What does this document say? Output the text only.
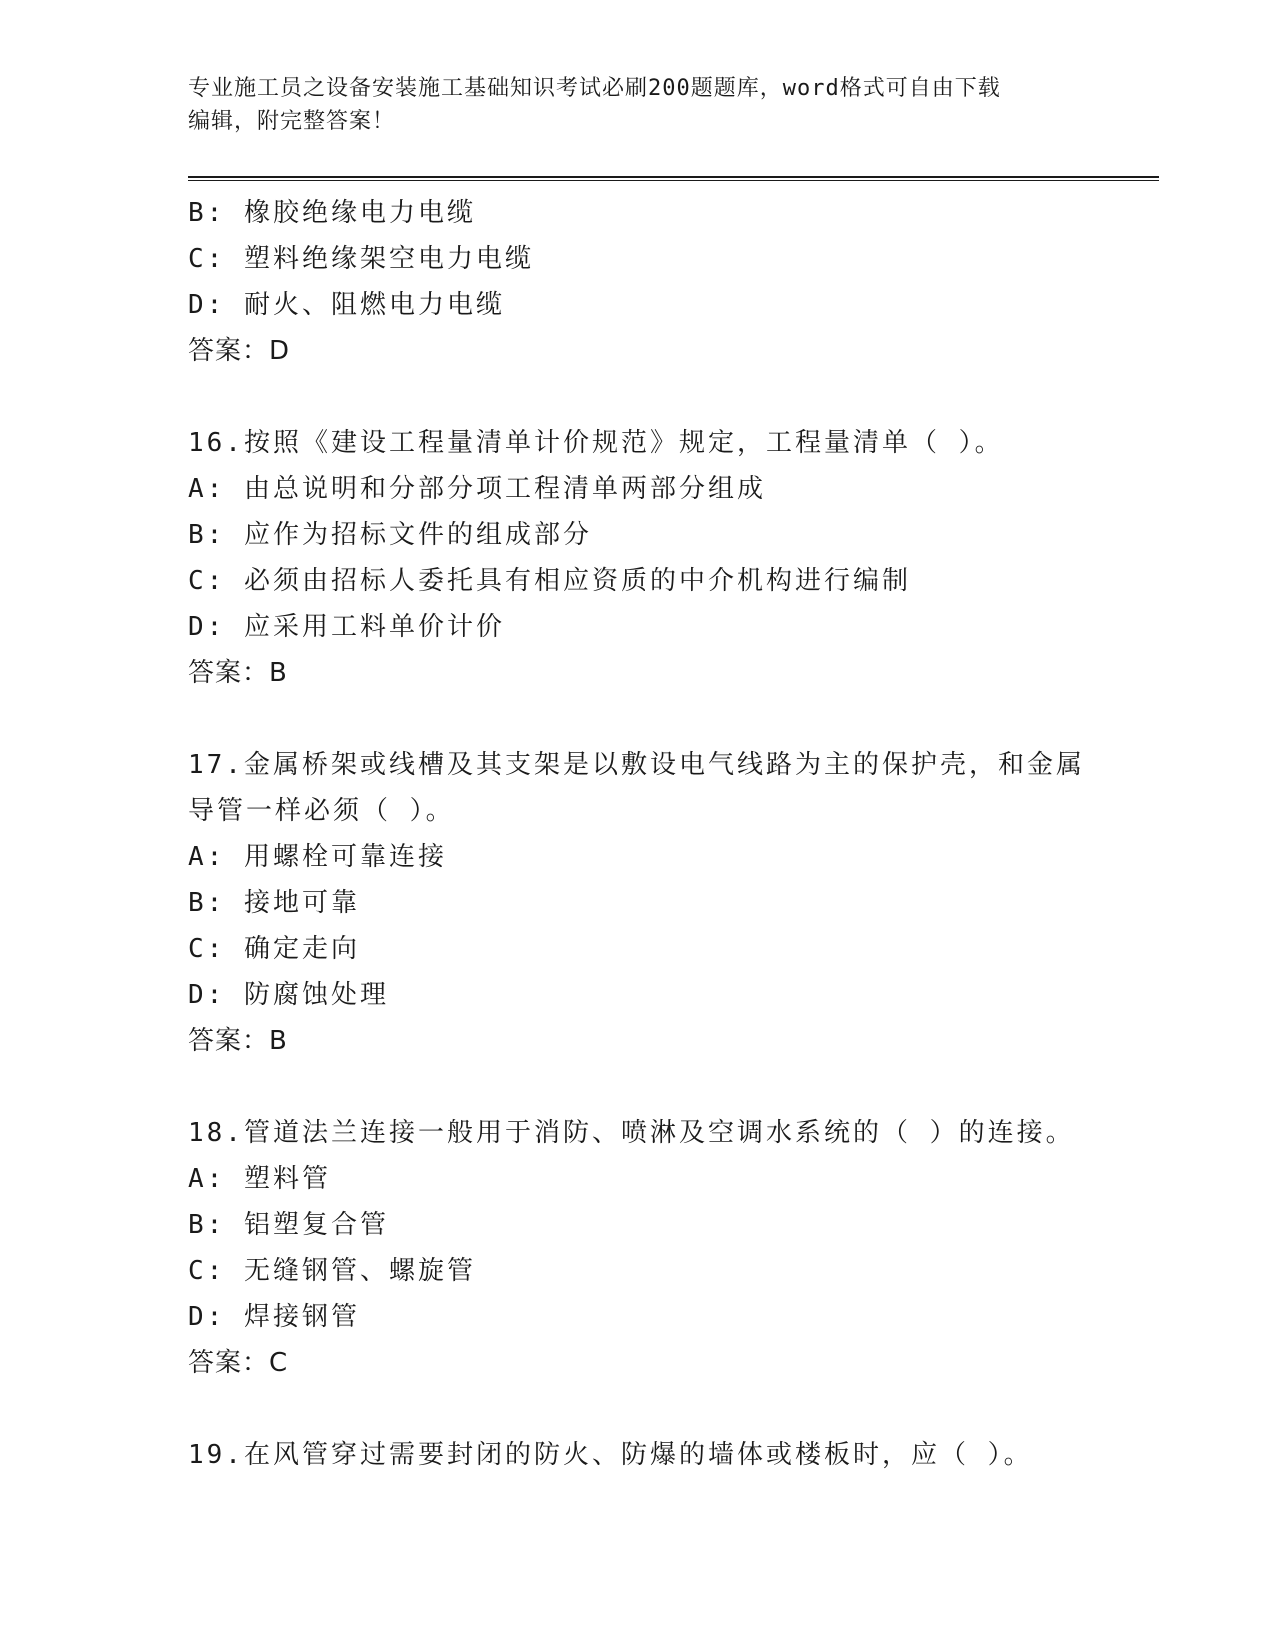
专业施工员之设备安装施工基础知识考试必刷200题题库，word格式可自由下载
编辑，附完整答案！
B: 橡胶绝缘电力电缆
C: 塑料绝缘架空电力电缆
D: 耐火、阻燃电力电缆
答案：D
16.按照《建设工程量清单计价规范》规定，工程量清单（ ）。
A: 由总说明和分部分项工程清单两部分组成
B: 应作为招标文件的组成部分
C: 必须由招标人委托具有相应资质的中介机构进行编制
D: 应采用工料单价计价
答案：B
17.金属桥架或线槽及其支架是以敷设电气线路为主的保护壳，和金属
导管一样必须（ ）。
A: 用螺栓可靠连接
B: 接地可靠
C: 确定走向
D: 防腐蚀处理
答案：B
18.管道法兰连接一般用于消防、喷淋及空调水系统的（ ）的连接。
A: 塑料管
B: 铝塑复合管
C: 无缝钢管、螺旋管
D: 焊接钢管
答案：C
19.在风管穿过需要封闭的防火、防爆的墙体或楼板时，应（ ）。
